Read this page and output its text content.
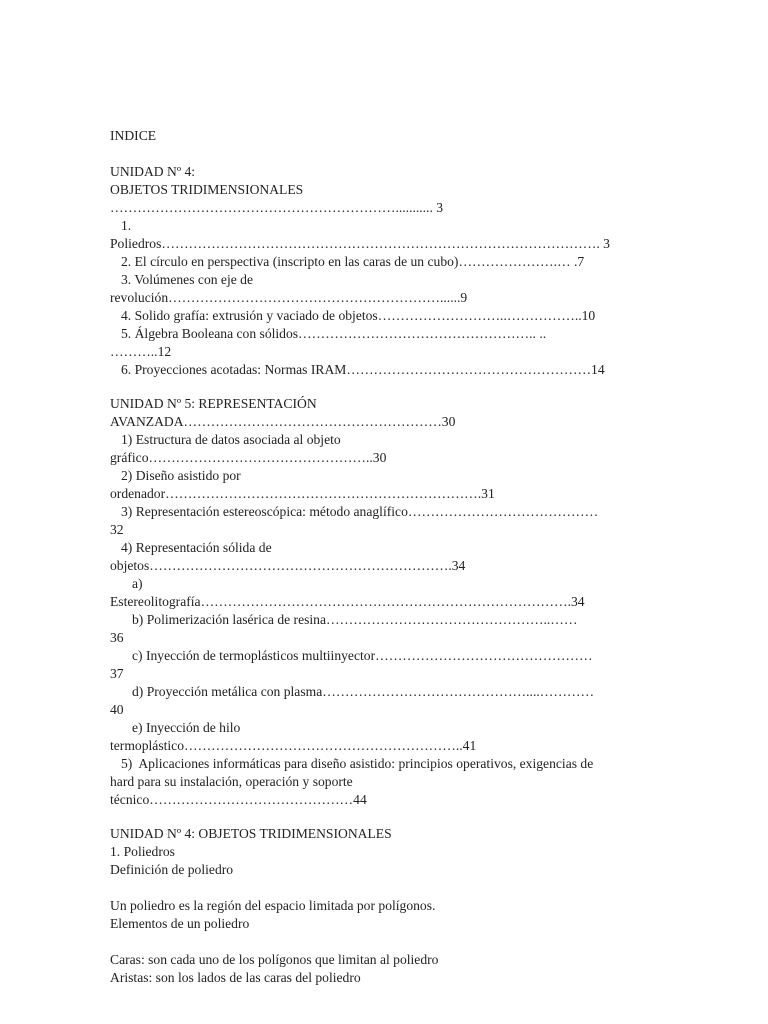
INDICE
UNIDAD Nº 4:
OBJETOS TRIDIMENSIONALES
………………………………………………………........... 3
1.
Poliedros……………………………………………………………………………………. 3
2. El círculo en perspectiva (inscripto en las caras de un cubo)………………….… .7
3. Volúmenes con eje de
revolución……………………………………………………......9
4. Solido grafía: extrusión y vaciado de objetos………………………..……………..10
5. Álgebra Booleana con sólidos…………………………………………….. ..
………..12
6. Proyecciones acotadas: Normas IRAM………………………………………………14
UNIDAD Nº 5: REPRESENTACIÓN
AVANZADA…………………………………………………30
1) Estructura de datos asociada al objeto
gráfico…………………………………………..30
2) Diseño asistido por
ordenador…………………………………………………………….31
3) Representación estereoscópica: método anaglífico……………………………………
32
4) Representación sólida de
objetos………………………………………………………….34
a)
Estereolitografía……………………………………………………………………….34
b) Polimerización lasérica de resina…………………………………………..……
36
c) Inyección de termoplásticos multiinyector…………………………………………
37
d) Proyección metálica con plasma………………………………………....…………
40
e) Inyección de hilo
termoplástico……………………………………………………..41
5)  Aplicaciones informáticas para diseño asistido: principios operativos, exigencias de
hard para su instalación, operación y soporte
técnico………………………………………44
UNIDAD Nº 4: OBJETOS TRIDIMENSIONALES
1. Poliedros
Definición de poliedro
Un poliedro es la región del espacio limitada por polígonos.
Elementos de un poliedro
Caras: son cada uno de los polígonos que limitan al poliedro
Aristas: son los lados de las caras del poliedro
